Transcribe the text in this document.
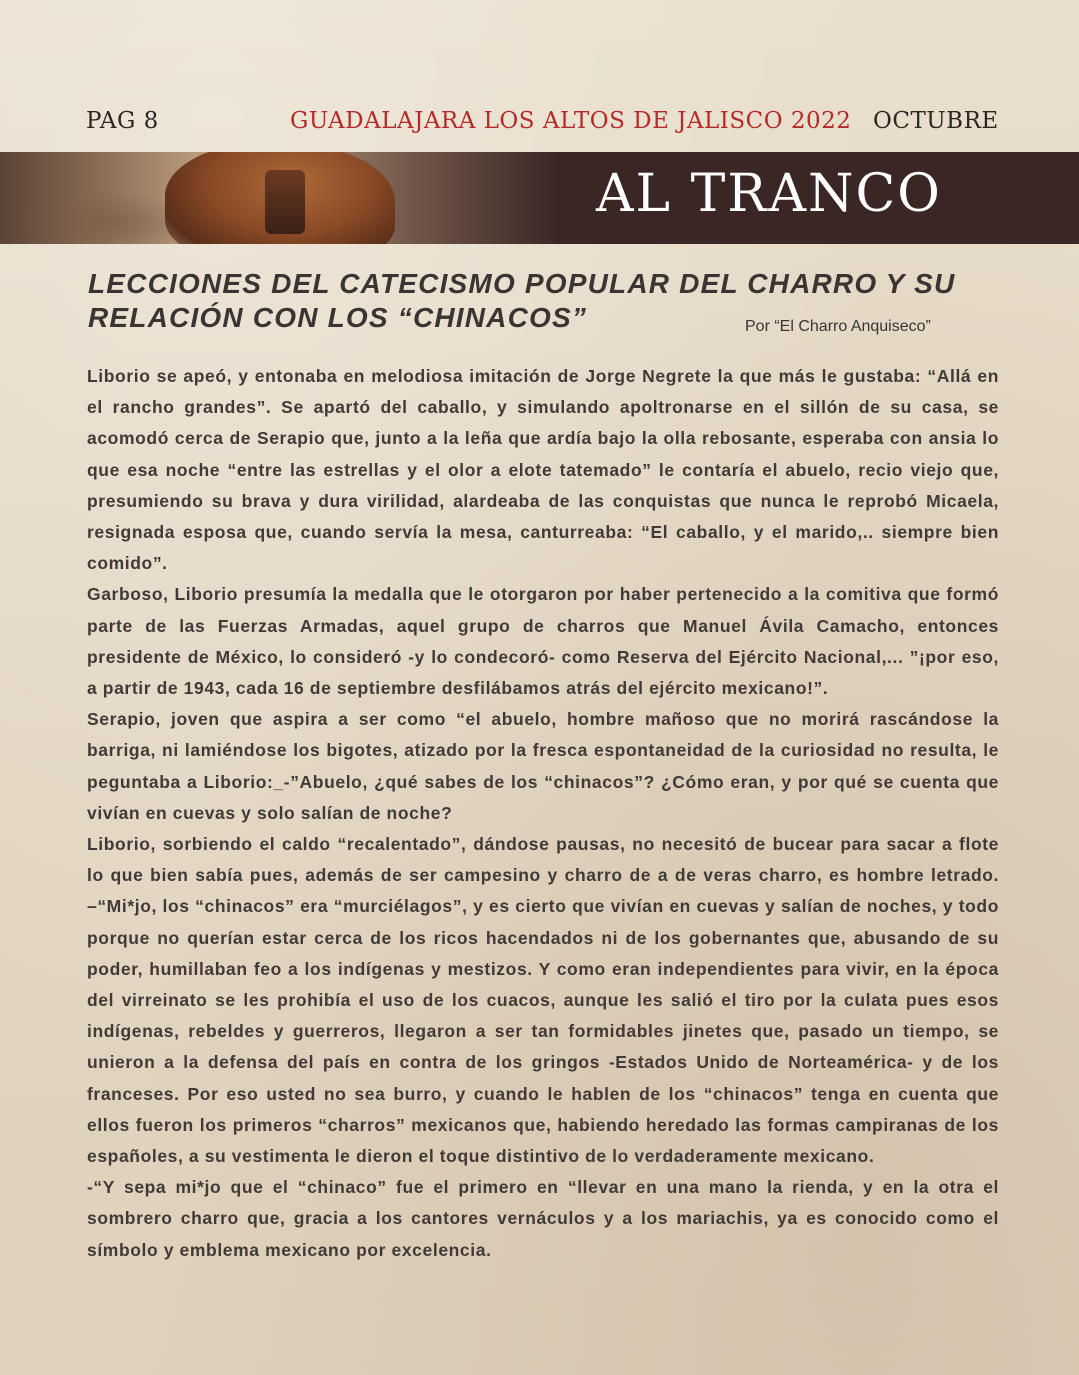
PAG 8	GUADALAJARA LOS ALTOS DE JALISCO 2022 OCTUBRE
AL TRANCO
LECCIONES DEL CATECISMO POPULAR DEL CHARRO Y SU RELACIÓN CON LOS “CHINACOS”	Por “El Charro Anquiseco”

Liborio se apeó, y entonaba en melodiosa imitación de Jorge Negrete la que más le gustaba: “Allá en el rancho grandes”. Se apartó del caballo, y simulando apoltronarse en el sillón de su casa, se acomodó cerca de Serapio que, junto a la leña que ardía bajo la olla rebosante, esperaba con ansia lo que esa noche “entre las estrellas y el olor a elote tatemado” le contaría el abuelo, recio viejo que, presumiendo su brava y dura virilidad, alardeaba de las conquistas que nunca le reprobó Micaela, resignada esposa que, cuando servía la mesa, canturreaba: “El caballo, y el marido,.. siempre bien comido”.

Garboso, Liborio presumía la medalla que le otorgaron por haber pertenecido a la comitiva que formó parte de las Fuerzas Armadas, aquel grupo de charros que Manuel Ávila Camacho, entonces presidente de México, lo consideró -y lo condecoró- como Reserva del Ejército Nacional,... ”¡por eso, a partir de 1943, cada 16 de septiembre desfilábamos atrás del ejército mexicano!”.

Serapio, joven que aspira a ser como “el abuelo, hombre mañoso que no morirá rascándose la barriga, ni lamiéndose los bigotes, atizado por la fresca espontaneidad de la curiosidad no resulta, le peguntaba a Liborio:_-”Abuelo, ¿qué sabes de los “chinacos”? ¿Cómo eran, y por qué se cuenta que vivían en cuevas y solo salían de noche?

Liborio, sorbiendo el caldo “recalentado”, dándose pausas, no necesitó de bucear para sacar a flote lo que bien sabía pues, además de ser campesino y charro de a de veras charro, es hombre letrado. –“Mi*jo, los “chinacos” era “murciélagos”, y es cierto que vivían en cuevas y salían de noches, y todo porque no querían estar cerca de los ricos hacendados ni de los gobernantes que, abusando de su poder, humillaban feo a los indígenas y mestizos. Y como eran independientes para vivir, en la época del virreinato se les prohibía el uso de los cuacos, aunque les salió el tiro por la culata pues esos indígenas, rebeldes y guerreros, llegaron a ser tan formidables jinetes que, pasado un tiempo, se unieron a la defensa del país en contra de los gringos -Estados Unido de Norteamérica- y de los franceses. Por eso usted no sea burro, y cuando le hablen de los “chinacos” tenga en cuenta que ellos fueron los primeros “charros” mexicanos que, habiendo heredado las formas campiranas de los españoles, a su vestimenta le dieron el toque distintivo de lo verdaderamente mexicano.

-“Y sepa mi*jo que el “chinaco” fue el primero en “llevar en una mano la rienda, y en la otra el sombrero charro que, gracia a los cantores vernáculos y a los mariachis, ya es conocido como el símbolo y emblema mexicano por excelencia.
